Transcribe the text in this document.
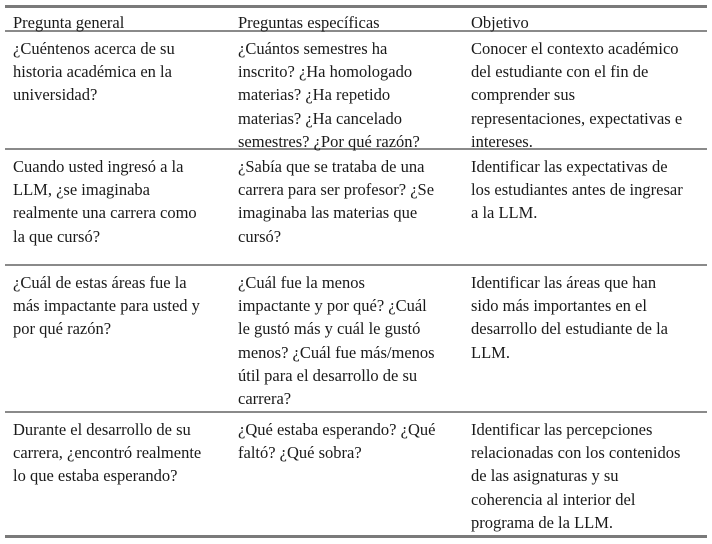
Pregunta general	Preguntas específicas	Objetivo
¿Cuéntenos acerca de su
historia académica en la
universidad?
¿Cuántos semestres ha
inscrito? ¿Ha homologado
materias? ¿Ha repetido
materias? ¿Ha cancelado
semestres? ¿Por qué razón?
Conocer el contexto académico
del estudiante con el fin de
comprender sus
representaciones, expectativas e
intereses.
Cuando usted ingresó a la
LLM, ¿se imaginaba
realmente una carrera como
la que cursó?
¿Sabía que se trataba de una
carrera para ser profesor? ¿Se
imaginaba las materias que
cursó?
Identificar las expectativas de
los estudiantes antes de ingresar
a la LLM.
¿Cuál de estas áreas fue la
más impactante para usted y
por qué razón?
¿Cuál fue la menos
impactante y por qué? ¿Cuál
le gustó más y cuál le gustó
menos? ¿Cuál fue más/menos
útil para el desarrollo de su
carrera?
Identificar las áreas que han
sido más importantes en el
desarrollo del estudiante de la
LLM.
Durante el desarrollo de su
carrera, ¿encontró realmente
lo que estaba esperando?
¿Qué estaba esperando? ¿Qué
faltó? ¿Qué sobra?
Identificar las percepciones
relacionadas con los contenidos
de las asignaturas y su
coherencia al interior del
programa de la LLM.
